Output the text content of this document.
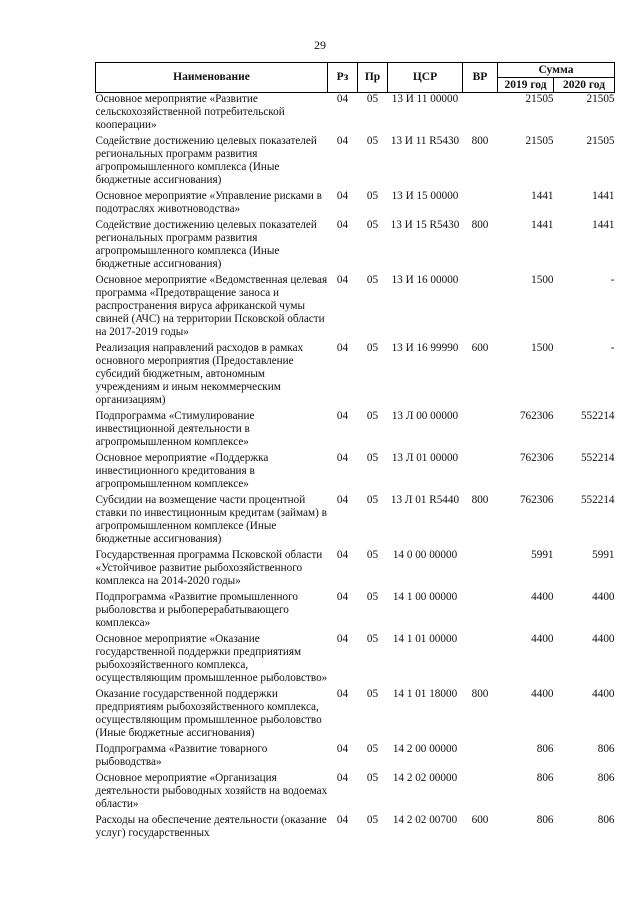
29
Наименование	Рз	Пр	ЦСР	ВР	Сумма	
					2019 год	2020 год
Основное мероприятие «Развитие сельскохозяйственной потребительской кооперации»	04	05	13 И 11 00000		21505	21505
Содействие достижению целевых показателей региональных программ развития агропромышленного комплекса (Иные бюджетные ассигнования)	04	05	13 И 11 R5430	800	21505	21505
Основное мероприятие «Управление рисками в подотраслях животноводства»	04	05	13 И 15 00000		1441	1441
Содействие достижению целевых показателей региональных программ развития агропромышленного комплекса (Иные бюджетные ассигнования)	04	05	13 И 15 R5430	800	1441	1441
Основное мероприятие «Ведомственная целевая программа «Предотвращение заноса и распространения вируса африканской чумы свиней (АЧС) на территории Псковской области на 2017-2019 годы»	04	05	13 И 16 00000		1500	-
Реализация направлений расходов в рамках основного мероприятия (Предоставление субсидий бюджетным, автономным учреждениям и иным некоммерческим организациям)	04	05	13 И 16 99990	600	1500	-
Подпрограмма «Стимулирование инвестиционной деятельности в агропромышленном комплексе»	04	05	13 Л 00 00000		762306	552214
Основное мероприятие «Поддержка инвестиционного кредитования в агропромышленном комплексе»	04	05	13 Л 01 00000		762306	552214
Субсидии на возмещение части процентной ставки по инвестиционным кредитам (займам) в агропромышленном комплексе (Иные бюджетные ассигнования)	04	05	13 Л 01 R5440	800	762306	552214
Государственная программа Псковской области «Устойчивое развитие рыбохозяйственного комплекса на 2014-2020 годы»	04	05	14 0 00 00000		5991	5991
Подпрограмма «Развитие промышленного рыболовства и рыбоперерабатывающего комплекса»	04	05	14 1 00 00000		4400	4400
Основное мероприятие «Оказание государственной поддержки предприятиям рыбохозяйственного комплекса, осуществляющим промышленное рыболовство»	04	05	14 1 01 00000		4400	4400
Оказание государственной поддержки предприятиям рыбохозяйственного комплекса, осуществляющим промышленное рыболовство (Иные бюджетные ассигнования)	04	05	14 1 01 18000	800	4400	4400
Подпрограмма «Развитие товарного рыбоводства»	04	05	14 2 00 00000		806	806
Основное мероприятие «Организация деятельности рыбоводных хозяйств на водоемах области»	04	05	14 2 02 00000		806	806
Расходы на обеспечение деятельности (оказание услуг) государственных	04	05	14 2 02 00700	600	806	806
